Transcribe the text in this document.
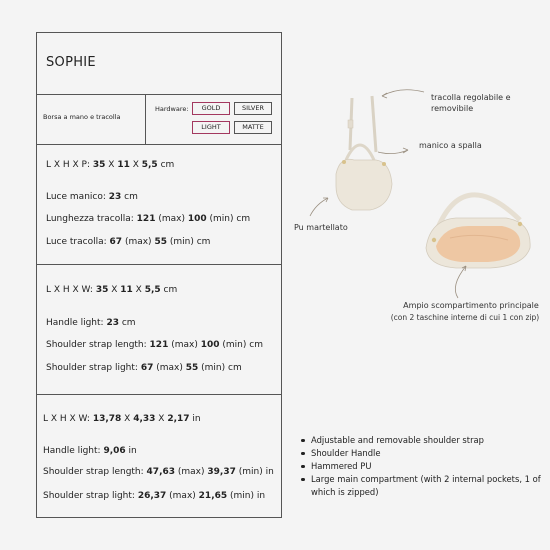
SOPHIE
Borsa a mano e tracolla
Hardware:	GOLD	SILVER
LIGHT	MATTE
L X H X P: 35 X 11 X 5,5 cm
Luce manico: 23 cm
Lunghezza tracolla: 121 (max) 100 (min) cm
Luce tracolla: 67 (max) 55 (min) cm
L X H X W: 35 X 11 X 5,5 cm
Handle light: 23 cm
Shoulder strap length: 121 (max) 100 (min) cm
Shoulder strap light: 67 (max) 55 (min) cm
L X H X W: 13,78 X 4,33 X 2,17 in
Handle light: 9,06 in
Shoulder strap length: 47,63 (max) 39,37 (min) in
Shoulder strap light: 26,37 (max) 21,65 (min) in
tracolla regolabile e removibile
manico a spalla
Pu martellato
Ampio scompartimento principale
(con 2 taschine interne di cui 1 con zip)
Adjustable and removable shoulder strap
Shoulder Handle
Hammered PU
Large main compartment (with 2 internal pockets, 1 of which is zipped)
